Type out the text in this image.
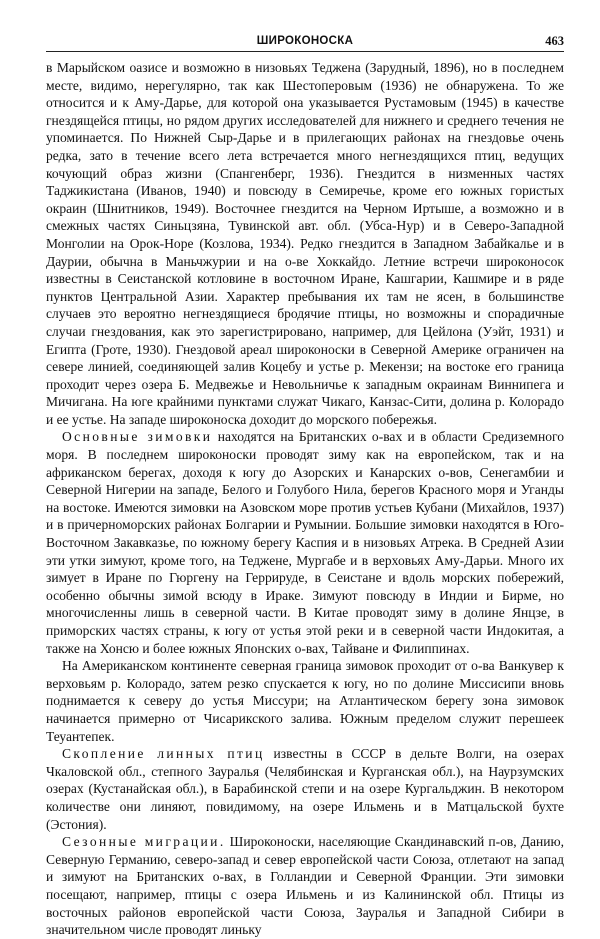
ШИРОКОНОСКА	463

в Марыйском оазисе и возможно в низовьях Теджена (Зарудный, 1896), но в последнем месте, видимо, нерегулярно, так как Шестоперовым (1936) не обнаружена. То же относится и к Аму-Дарье, для которой она указывается Рустамовым (1945) в качестве гнездящейся птицы, но рядом других исследователей для нижнего и среднего течения не упоминается. По Нижней Сыр-Дарье и в прилегающих районах на гнездовье очень редка, зато в течение всего лета встречается много негнездящихся птиц, ведущих кочующий образ жизни (Спангенберг, 1936). Гнездится в низменных частях Таджикистана (Иванов, 1940) и повсюду в Семиречье, кроме его южных гористых окраин (Шнитников, 1949). Восточнее гнездится на Черном Иртыше, а возможно и в смежных частях Синьцзяна, Тувинской авт. обл. (Убса-Нур) и в Северо-Западной Монголии на Орок-Норе (Козлова, 1934). Редко гнездится в Западном Забайкалье и в Даурии, обычна в Маньчжурии и на о-ве Хоккайдо. Летние встречи широконосок известны в Сеистанской котловине в восточном Иране, Кашгарии, Кашмире и в ряде пунктов Центральной Азии. Характер пребывания их там не ясен, в большинстве случаев это вероятно негнездящиеся бродячие птицы, но возможны и спорадичные случаи гнездования, как это зарегистрировано, например, для Цейлона (Уэйт, 1931) и Египта (Гроте, 1930). Гнездовой ареал широконоски в Северной Америке ограничен на севере линией, соединяющей залив Коцебу и устье р. Мекензи; на востоке его граница проходит через озера Б. Медвежье и Невольничье к западным окраинам Виннипега и Мичигана. На юге крайними пунктами служат Чикаго, Канзас-Сити, долина р. Колорадо и ее устье. На западе широконоска доходит до морского побережья.

Основные зимовки находятся на Британских о-вах и в области Средиземного моря. В последнем широконоски проводят зиму как на европейском, так и на африканском берегах, доходя к югу до Азорских и Канарских о-вов, Сенегамбии и Северной Нигерии на западе, Белого и Голубого Нила, берегов Красного моря и Уганды на востоке. Имеются зимовки на Азовском море против устьев Кубани (Михайлов, 1937) и в причерноморских районах Болгарии и Румынии. Большие зимовки находятся в Юго-Восточном Закавказье, по южному берегу Каспия и в низовьях Атрека. В Средней Азии эти утки зимуют, кроме того, на Теджене, Мургабе и в верховьях Аму-Дарьи. Много их зимует в Иране по Гюргену на Геррируде, в Сеистане и вдоль морских побережий, особенно обычны зимой всюду в Ираке. Зимуют повсюду в Индии и Бирме, но многочисленны лишь в северной части. В Китае проводят зиму в долине Янцзе, в приморских частях страны, к югу от устья этой реки и в северной части Индокитая, а также на Хонсю и более южных Японских о-вах, Тайване и Филиппинах.

На Американском континенте северная граница зимовок проходит от о-ва Ванкувер к верховьям р. Колорадо, затем резко спускается к югу, но по долине Миссисипи вновь поднимается к северу до устья Миссури; на Атлантическом берегу зона зимовок начинается примерно от Чисарикского залива. Южным пределом служит перешеек Теуантепек.

Скопление линных птиц известны в СССР в дельте Волги, на озерах Чкаловской обл., степного Зауралья (Челябинская и Курганская обл.), на Наурзумских озерах (Кустанайская обл.), в Барабинской степи и на озере Кургальджин. В некотором количестве они линяют, повидимому, на озере Ильмень и в Матцальской бухте (Эстония).

Сезонные миграции. Широконоски, населяющие Скандинавский п-ов, Данию, Северную Германию, северо-запад и север европейской части Союза, отлетают на запад и зимуют на Британских о-вах, в Голландии и Северной Франции. Эти зимовки посещают, например, птицы с озера Ильмень и из Калининской обл. Птицы из восточных районов европейской части Союза, Зауралья и Западной Сибири в значительном числе проводят линьку
